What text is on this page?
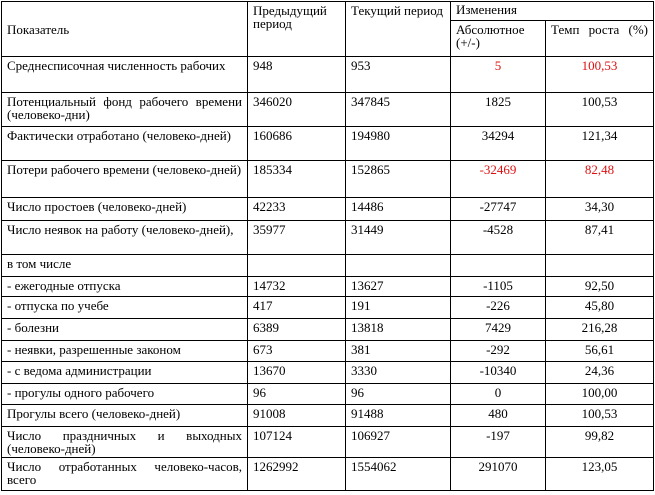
Показатель	Предыдущий период	Текущий период	Изменения	
			Абсолютное (+/-)	Темп роста (%)
Среднесписочная численность рабочих	948	953	5	100,53
Потенциальный фонд рабочего времени (человеко-дни)	346020	347845	1825	100,53
Фактически отработано (человеко-дней)	160686	194980	34294	121,34
Потери рабочего времени (человеко-дней)	185334	152865	-32469	82,48
Число простоев (человеко-дней)	42233	14486	-27747	34,30
Число неявок на работу (человеко-дней),	35977	31449	-4528	87,41
в том числе				
- ежегодные отпуска	14732	13627	-1105	92,50
- отпуска по учебе	417	191	-226	45,80
- болезни	6389	13818	7429	216,28
- неявки, разрешенные законом	673	381	-292	56,61
- с ведома администрации	13670	3330	-10340	24,36
- прогулы одного рабочего	96	96	0	100,00
Прогулы всего (человеко-дней)	91008	91488	480	100,53
Число праздничных и выходных (человеко-дней)	107124	106927	-197	99,82
Число отработанных человеко-часов, всего	1262992	1554062	291070	123,05
